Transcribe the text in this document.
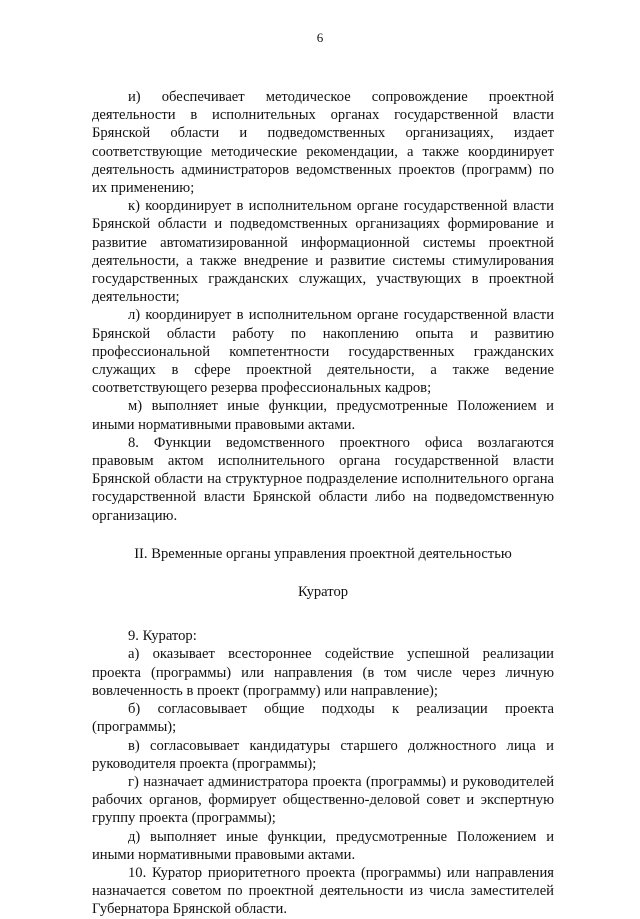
6

и) обеспечивает методическое сопровождение проектной деятельности в исполнительных органах государственной власти Брянской области и подведомственных организациях, издает соответствующие методические рекомендации, а также координирует деятельность администраторов ведомственных проектов (программ) по их применению;

к) координирует в исполнительном органе государственной власти Брянской области и подведомственных организациях формирование и развитие автоматизированной информационной системы проектной деятельности, а также внедрение и развитие системы стимулирования государственных гражданских служащих, участвующих в проектной деятельности;

л) координирует в исполнительном органе государственной власти Брянской области работу по накоплению опыта и развитию профессиональной компетентности государственных гражданских служащих в сфере проектной деятельности, а также ведение соответствующего резерва профессиональных кадров;

м) выполняет иные функции, предусмотренные Положением и иными нормативными правовыми актами.

8. Функции ведомственного проектного офиса возлагаются правовым актом исполнительного органа государственной власти Брянской области на структурное подразделение исполнительного органа государственной власти Брянской области либо на подведомственную организацию.

II. Временные органы управления проектной деятельностью

Куратор

9. Куратор:

а) оказывает всестороннее содействие успешной реализации проекта (программы) или направления (в том числе через личную вовлеченность в проект (программу) или направление);

б) согласовывает общие подходы к реализации проекта (программы);

в) согласовывает кандидатуры старшего должностного лица и руководителя проекта (программы);

г) назначает администратора проекта (программы) и руководителей рабочих органов, формирует общественно-деловой совет и экспертную группу проекта (программы);

д) выполняет иные функции, предусмотренные Положением и иными нормативными правовыми актами.

10. Куратор приоритетного проекта (программы) или направления назначается советом по проектной деятельности из числа заместителей Губернатора Брянской области.
